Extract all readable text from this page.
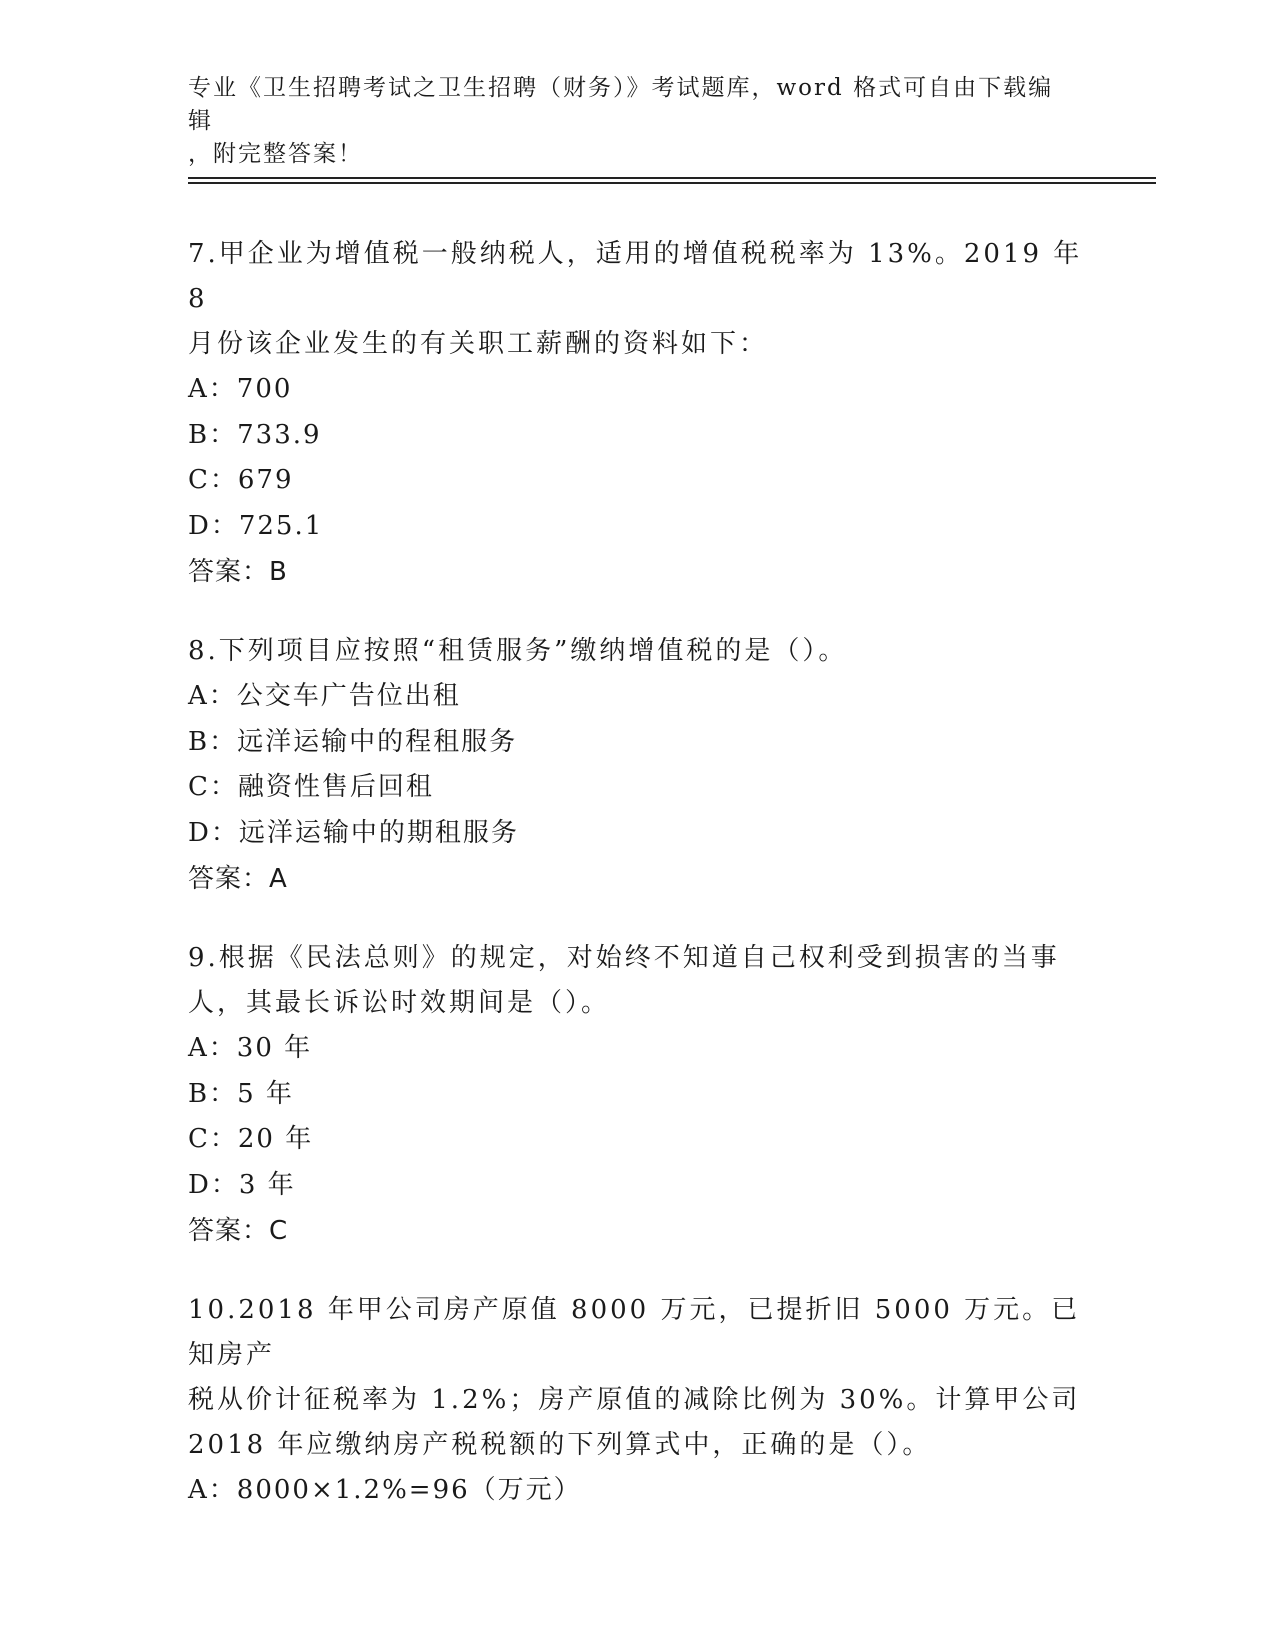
专业《卫生招聘考试之卫生招聘（财务）》考试题库，word 格式可自由下载编辑
，附完整答案！

7.甲企业为增值税一般纳税人，适用的增值税税率为 13%。2019 年 8

月份该企业发生的有关职工薪酬的资料如下：

A：700

B：733.9

C：679

D：725.1

答案：B

8.下列项目应按照“租赁服务”缴纳增值税的是（）。

A：公交车广告位出租

B：远洋运输中的程租服务

C：融资性售后回租

D：远洋运输中的期租服务

答案：A

9.根据《民法总则》的规定，对始终不知道自己权利受到损害的当事

人，其最长诉讼时效期间是（）。

A：30 年

B：5 年

C：20 年

D：3 年

答案：C

10.2018 年甲公司房产原值 8000 万元，已提折旧 5000 万元。已知房产

税从价计征税率为 1.2%；房产原值的减除比例为 30%。计算甲公司

2018 年应缴纳房产税税额的下列算式中，正确的是（）。

A：8000×1.2%=96（万元）
